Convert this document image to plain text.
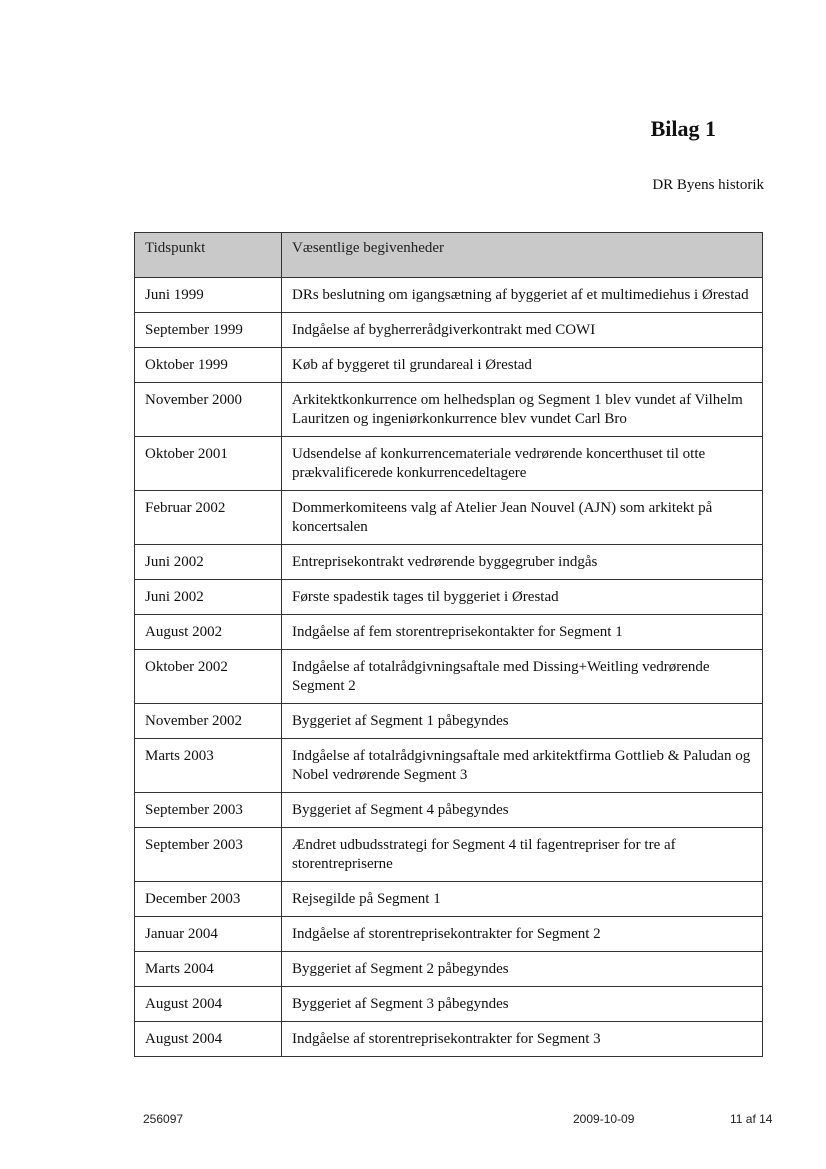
Bilag 1
DR Byens historik
Tidspunkt	Væsentlige begivenheder
Juni 1999	DRs beslutning om igangsætning af byggeriet af et multimediehus i Ørestad
September 1999	Indgåelse af bygherrerådgiverkontrakt med COWI
Oktober 1999	Køb af byggeret til grundareal i Ørestad
November 2000	Arkitektkonkurrence om helhedsplan og Segment 1 blev vundet af Vilhelm Lauritzen og ingeniørkonkurrence blev vundet Carl Bro
Oktober 2001	Udsendelse af konkurrencemateriale vedrørende koncerthuset til otte prækvalificerede konkurrencedeltagere
Februar 2002	Dommerkomiteens valg af Atelier Jean Nouvel (AJN) som arkitekt på koncertsalen
Juni 2002	Entreprisekontrakt vedrørende byggegruber indgås
Juni 2002	Første spadestik tages til byggeriet i Ørestad
August 2002	Indgåelse af fem storentreprisekontakter for Segment 1
Oktober 2002	Indgåelse af totalrådgivningsaftale med Dissing+Weitling vedrørende Segment 2
November 2002	Byggeriet af Segment 1 påbegyndes
Marts 2003	Indgåelse af totalrådgivningsaftale med arkitektfirma Gottlieb & Paludan og Nobel vedrørende Segment 3
September 2003	Byggeriet af Segment 4 påbegyndes
September 2003	Ændret udbudsstrategi for Segment 4 til fagentrepriser for tre af storentrepriserne
December 2003	Rejsegilde på Segment 1
Januar 2004	Indgåelse af storentreprisekontrakter for Segment 2
Marts 2004	Byggeriet af Segment 2 påbegyndes
August 2004	Byggeriet af Segment 3 påbegyndes
August 2004	Indgåelse af storentreprisekontrakter for Segment 3
256097	2009-10-09	11 af 14
